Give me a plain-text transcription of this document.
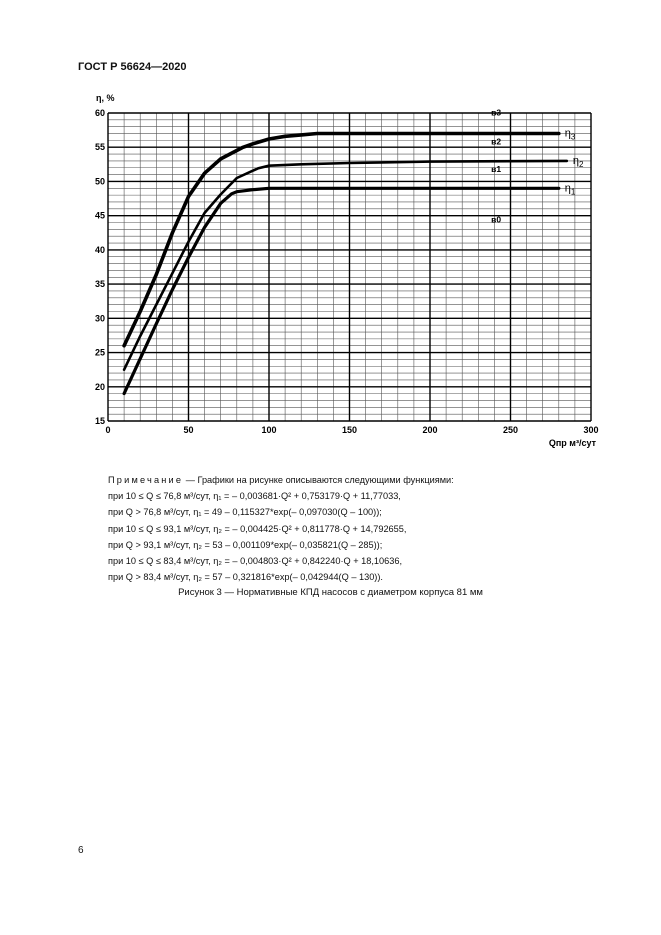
ГОСТ Р 56624—2020
0	50	100	150	200	250	300
15
20
25
30
35
40
45
50
55
60
η, %
Qпр м³/сут
$\eta_3$
$\eta_2$
$\eta_1$
в3
в2
в1
в0
Примечание — Графики на рисунке описываются следующими функциями:
при 10 ≤ Q ≤ 76,8 м³/сут, η₁ = – 0,003681·Q² + 0,753179·Q + 11,77033,
при Q > 76,8 м³/сут, η₁ = 49 – 0,115327*exp(– 0,097030(Q – 100));
при 10 ≤ Q ≤ 93,1 м³/сут, η₂ = – 0,004425·Q² + 0,811778·Q + 14,792655,
при Q > 93,1 м³/сут, η₂ = 53 – 0,001109*exp(– 0,035821(Q – 285));
при 10 ≤ Q ≤ 83,4 м³/сут, η₂ = – 0,004803·Q² + 0,842240·Q + 18,10636,
при Q > 83,4 м³/сут, η₂ = 57 – 0,321816*exp(– 0,042944(Q – 130)).
Рисунок 3 — Нормативные КПД насосов с диаметром корпуса 81 мм
6
